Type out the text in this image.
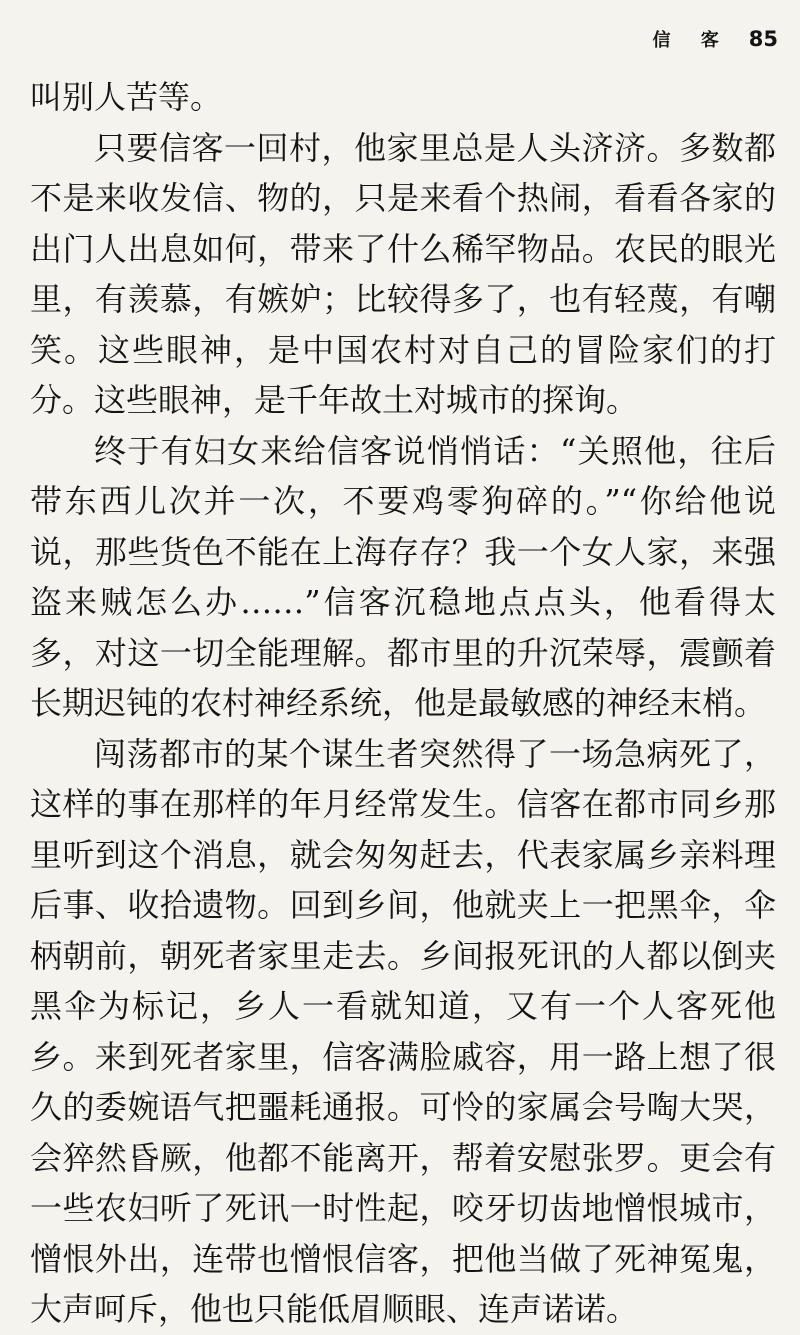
信 客 85

叫别人苦等。

只要信客一回村，他家里总是人头济济。多数都不是来收发信、物的，只是来看个热闹，看看各家的出门人出息如何，带来了什么稀罕物品。农民的眼光里，有羡慕，有嫉妒；比较得多了，也有轻蔑，有嘲笑。这些眼神，是中国农村对自己的冒险家们的打分。这些眼神，是千年故土对城市的探询。

终于有妇女来给信客说悄悄话：“关照他，往后带东西儿次并一次，不要鸡零狗碎的。”“你给他说说，那些货色不能在上海存存？我一个女人家，来强盗来贼怎么办……”信客沉稳地点点头，他看得太多，对这一切全能理解。都市里的升沉荣辱，震颤着长期迟钝的农村神经系统，他是最敏感的神经末梢。

闯荡都市的某个谋生者突然得了一场急病死了，这样的事在那样的年月经常发生。信客在都市同乡那里听到这个消息，就会匆匆赶去，代表家属乡亲料理后事、收拾遗物。回到乡间，他就夹上一把黑伞，伞柄朝前，朝死者家里走去。乡间报死讯的人都以倒夹黑伞为标记，乡人一看就知道，又有一个人客死他乡。来到死者家里，信客满脸戚容，用一路上想了很久的委婉语气把噩耗通报。可怜的家属会号啕大哭，会猝然昏厥，他都不能离开，帮着安慰张罗。更会有一些农妇听了死讯一时性起，咬牙切齿地憎恨城市，憎恨外出，连带也憎恨信客，把他当做了死神冤鬼，大声呵斥，他也只能低眉顺眼、连声诺诺。
